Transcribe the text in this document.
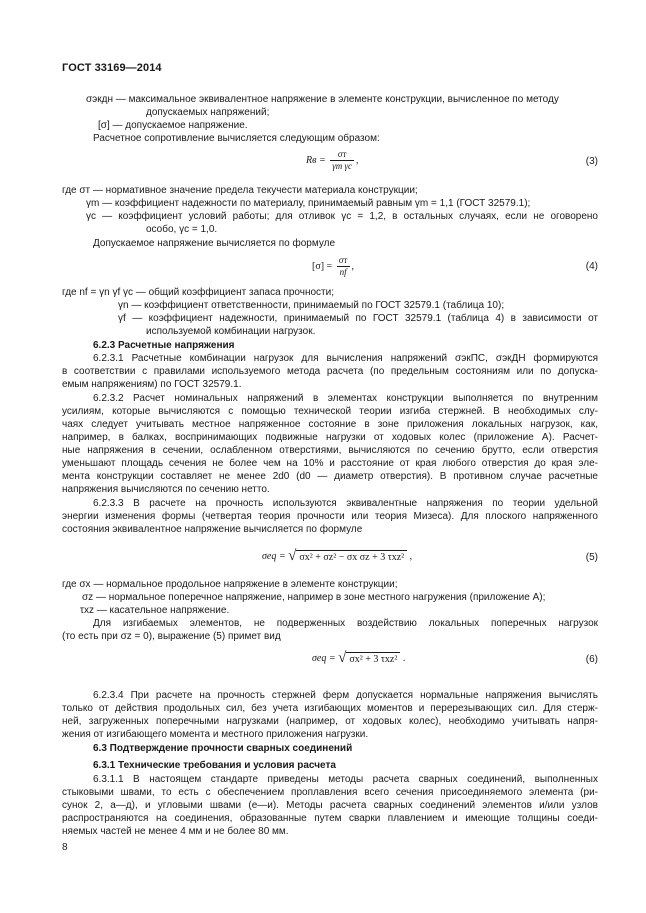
ГОСТ 33169—2014
σэкдн — максимальное эквивалентное напряжение в элементе конструкции, вычисленное по методу
допускаемых напряжений;
[σ] — допускаемое напряжение.
Расчетное сопротивление вычисляется следующим образом:
Rв = $\frac{\sigma т}{\text{γm γc}}$ ,	(3)
где σт — нормативное значение предела текучести материала конструкции;
γm — коэффициент надежности по материалу, принимаемый равным γm = 1,1 (ГОСТ 32579.1);
γc — коэффициент условий работы; для отливок γc = 1,2, в остальных случаях, если не оговорено
особо, γc = 1,0.
Допускаемое напряжение вычисляется по формуле
$[\sigma] = \frac{\sigma т}{nf}$ ,	(4)
где nf = γn γf γc — общий коэффициент запаса прочности;
γn — коэффициент ответственности, принимаемый по ГОСТ 32579.1 (таблица 10);
γf — коэффициент надежности, принимаемый по ГОСТ 32579.1 (таблица 4) в зависимости от
используемой комбинации нагрузок.
6.2.3 Расчетные напряжения
6.2.3.1 Расчетные комбинации нагрузок для вычисления напряжений σэкПС, σэкДН формируются
в соответствии с правилами используемого метода расчета (по предельным состояниям или по допуска-
емым напряжениям) по ГОСТ 32579.1.
6.2.3.2 Расчет номинальных напряжений в элементах конструкции выполняется по внутренним
усилиям, которые вычисляются с помощью технической теории изгиба стержней. В необходимых слу-
чаях следует учитывать местное напряженное состояние в зоне приложения локальных нагрузок, как,
например, в балках, воспринимающих подвижные нагрузки от ходовых колес (приложение А). Расчет-
ные напряжения в сечении, ослабленном отверстиями, вычисляются по сечению брутто, если отверстия
уменьшают площадь сечения не более чем на 10% и расстояние от края любого отверстия до края эле-
мента конструкции составляет не менее 2d0 (d0 — диаметр отверстия). В противном случае расчетные
напряжения вычисляются по сечению нетто.
6.2.3.3 В расчете на прочность используются эквивалентные напряжения по теории удельной
энергии изменения формы (четвертая теория прочности или теория Мизеса). Для плоского напряженного
состояния эквивалентное напряжение вычисляется по формуле
σeq = √ σx² + σz² − σx σz + 3 τxz² ,	(5)
где σx — нормальное продольное напряжение в элементе конструкции;
σz — нормальное поперечное напряжение, например в зоне местного нагружения (приложение А);
τxz — касательное напряжение.
Для изгибаемых элементов, не подверженных воздействию локальных поперечных нагрузок
(то есть при σz = 0), выражение (5) примет вид
σeq = √ σx² + 3 τxz² .	(6)
6.2.3.4 При расчете на прочность стержней ферм допускается нормальные напряжения вычислять
только от действия продольных сил, без учета изгибающих моментов и перерезывающих сил. Для стерж-
ней, загруженных поперечными нагрузками (например, от ходовых колес), необходимо учитывать напря-
жения от изгибающего момента и местного приложения нагрузки.
6.3 Подтверждение прочности сварных соединений
6.3.1 Технические требования и условия расчета
6.3.1.1 В настоящем стандарте приведены методы расчета сварных соединений, выполненных
стыковыми швами, то есть с обеспечением проплавления всего сечения присоединяемого элемента (ри-
сунок 2, а—д), и угловыми швами (е—и). Методы расчета сварных соединений элементов и/или узлов
распространяются на соединения, образованные путем сварки плавлением и имеющие толщины соеди-
няемых частей не менее 4 мм и не более 80 мм.
8
